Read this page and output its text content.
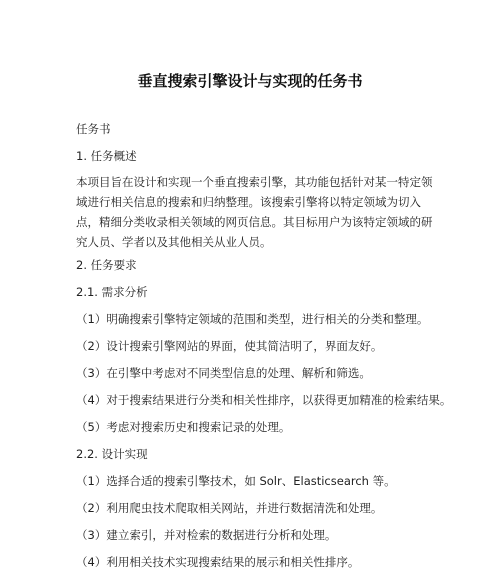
垂直搜索引擎设计与实现的任务书
任务书
1. 任务概述
本项目旨在设计和实现一个垂直搜索引擎，其功能包括针对某一特定领域进行相关信息的搜索和归纳整理。该搜索引擎将以特定领域为切入点，精细分类收录相关领域的网页信息。其目标用户为该特定领域的研究人员、学者以及其他相关从业人员。
2. 任务要求
2.1. 需求分析
（1）明确搜索引擎特定领域的范围和类型，进行相关的分类和整理。
（2）设计搜索引擎网站的界面，使其简洁明了，界面友好。
（3）在引擎中考虑对不同类型信息的处理、解析和筛选。
（4）对于搜索结果进行分类和相关性排序，以获得更加精准的检索结果。
（5）考虑对搜索历史和搜索记录的处理。
2.2. 设计实现
（1）选择合适的搜索引擎技术，如 Solr、Elasticsearch 等。
（2）利用爬虫技术爬取相关网站，并进行数据清洗和处理。
（3）建立索引，并对检索的数据进行分析和处理。
（4）利用相关技术实现搜索结果的展示和相关性排序。
